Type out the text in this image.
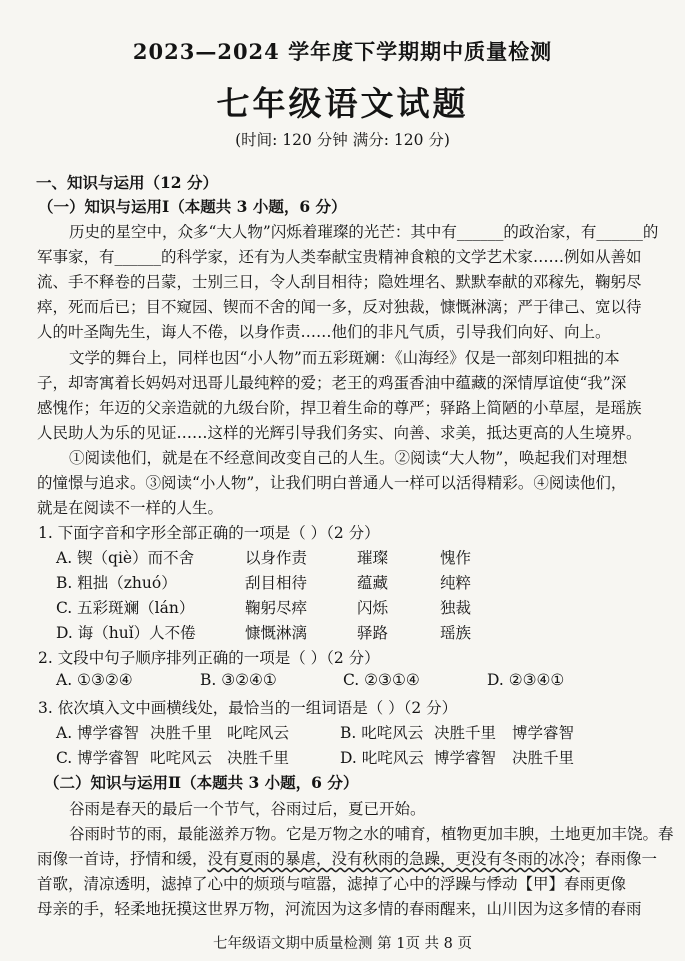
2023—2024 学年度下学期期中质量检测
七年级语文试题
(时间: 120 分钟 满分: 120 分)
一、知识与运用（12 分）
（一）知识与运用Ⅰ（本题共 3 小题，6 分）
历史的星空中，众多“大人物”闪烁着璀璨的光芒：其中有______的政治家，有______的
军事家，有______的科学家，还有为人类奉献宝贵精神食粮的文学艺术家……例如从善如
流、手不释卷的吕蒙，士别三日，令人刮目相待；隐姓埋名、默默奉献的邓稼先，鞠躬尽
瘁，死而后已；目不窥园、锲而不舍的闻一多，反对独裁，慷慨淋漓；严于律己、宽以待
人的叶圣陶先生，诲人不倦，以身作责……他们的非凡气质，引导我们向好、向上。
文学的舞台上，同样也因“小人物”而五彩斑斓：《山海经》仅是一部刻印粗拙的本
子，却寄寓着长妈妈对迅哥儿最纯粹的爱；老王的鸡蛋香油中蕴藏的深情厚谊使“我”深
感愧作；年迈的父亲造就的九级台阶，捍卫着生命的尊严；驿路上简陋的小草屋，是瑶族
人民助人为乐的见证……这样的光辉引导我们务实、向善、求美，抵达更高的人生境界。
①阅读他们，就是在不经意间改变自己的人生。②阅读“大人物”，唤起我们对理想
的憧憬与追求。③阅读“小人物”，让我们明白普通人一样可以活得精彩。④阅读他们，
就是在阅读不一样的人生。
1. 下面字音和字形全部正确的一项是（ ）（2 分）
A. 锲（qiè）而不舍	以身作责	璀璨	愧作
B. 粗拙（zhuó）	刮目相待	蕴藏	纯粹
C. 五彩斑斓（lán）	鞠躬尽瘁	闪烁	独裁
D. 诲（huǐ）人不倦	慷慨淋漓	驿路	瑶族
2. 文段中句子顺序排列正确的一项是（ ）（2 分）
A. ①③②④	B. ③②④①	C. ②③①④	D. ②③④①
3. 依次填入文中画横线处，最恰当的一组词语是（ ）（2 分）
A. 博学睿智 决胜千里 叱咤风云	B. 叱咤风云 决胜千里 博学睿智
C. 博学睿智 叱咤风云 决胜千里	D. 叱咤风云 博学睿智 决胜千里
（二）知识与运用Ⅱ（本题共 3 小题，6 分）
谷雨是春天的最后一个节气，谷雨过后，夏已开始。
谷雨时节的雨，最能滋养万物。它是万物之水的哺育，植物更加丰腴，土地更加丰饶。春
雨像一首诗，抒情和缓，没有夏雨的暴虐，没有秋雨的急躁，更没有冬雨的冰冷；春雨像一
首歌，清凉透明，滤掉了心中的烦琐与喧嚣，滤掉了心中的浮躁与悸动【甲】春雨更像
母亲的手，轻柔地抚摸这世界万物，河流因为这多情的春雨醒来，山川因为这多情的春雨
七年级语文期中质量检测 第 1页 共 8 页
